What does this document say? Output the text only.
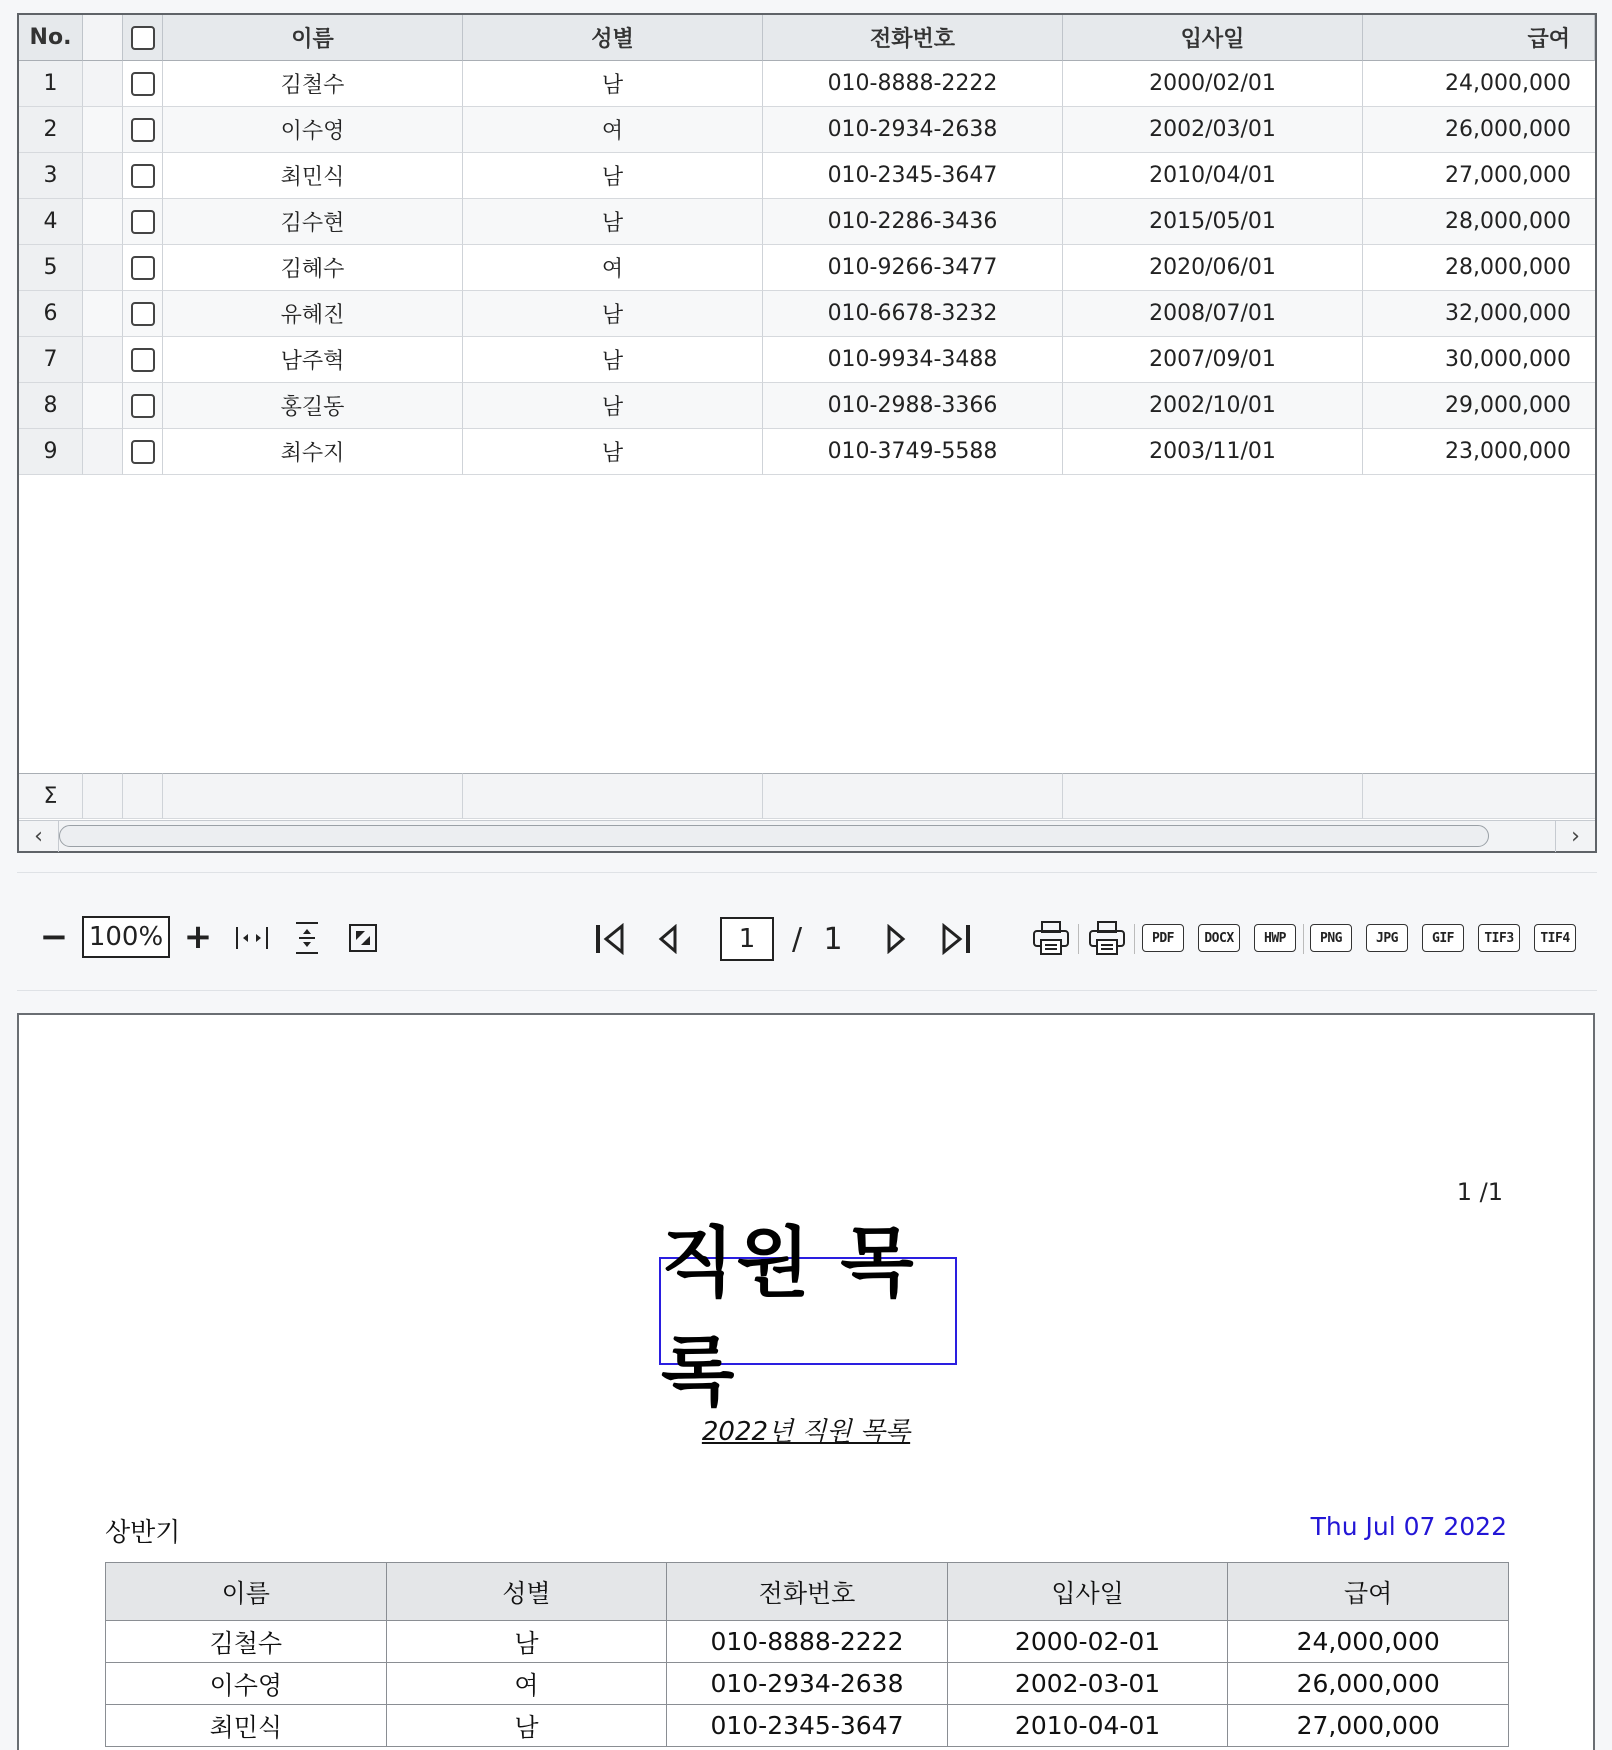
No.	이름	성별	전화번호	입사일	급여
1	김철수	남	010-8888-2222	2000/02/01	24,000,000
2	이수영	여	010-2934-2638	2002/03/01	26,000,000
3	최민식	남	010-2345-3647	2010/04/01	27,000,000
4	김수현	남	010-2286-3436	2015/05/01	28,000,000
5	김혜수	여	010-9266-3477	2020/06/01	28,000,000
6	유혜진	남	010-6678-3232	2008/07/01	32,000,000
7	남주혁	남	010-9934-3488	2007/09/01	30,000,000
8	홍길동	남	010-2988-3366	2002/10/01	29,000,000
9	최수지	남	010-3749-5588	2003/11/01	23,000,000
Σ
‹	›
− 100% +	1	/ 1	PDF	DOCX	HWP	PNG	JPG	GIF	TIF3	TIF4
1 /1
직원 목록
2022년 직원 목록
상반기	Thu Jul 07 2022
이름	성별	전화번호	입사일	급여
김철수	남	010-8888-2222	2000-02-01	24,000,000
이수영	여	010-2934-2638	2002-03-01	26,000,000
최민식	남	010-2345-3647	2010-04-01	27,000,000
